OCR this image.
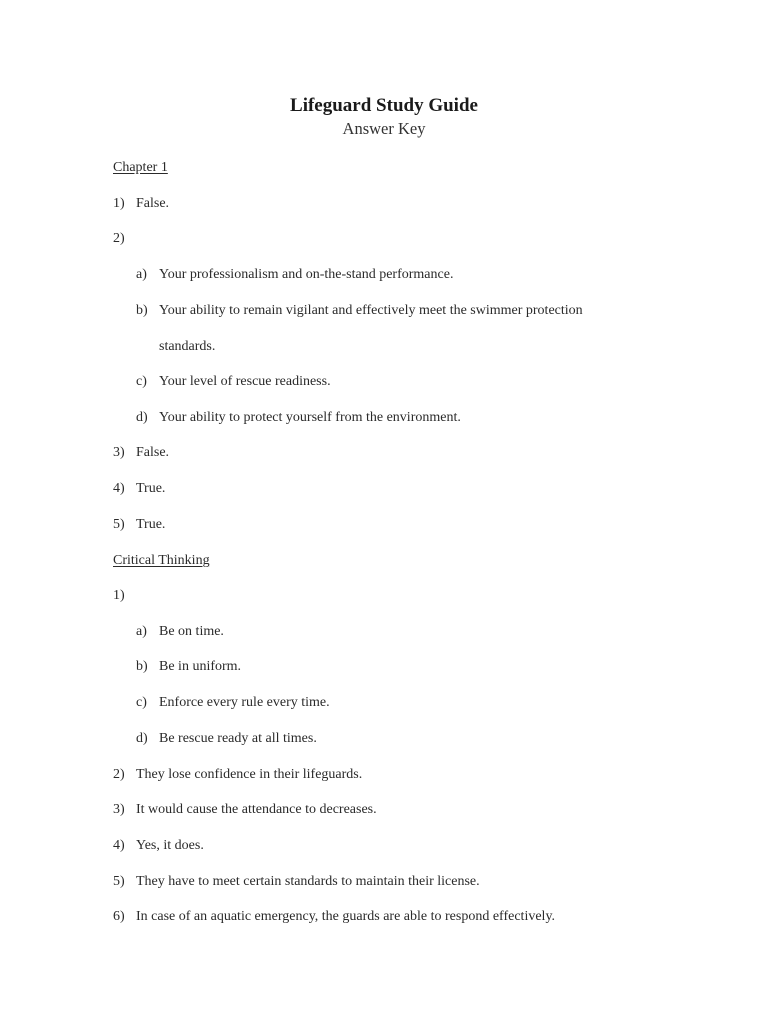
Lifeguard Study Guide
Answer Key
Chapter 1
1) False.
2)
a) Your professionalism and on-the-stand performance.
b) Your ability to remain vigilant and effectively meet the swimmer protection
standards.
c) Your level of rescue readiness.
d) Your ability to protect yourself from the environment.
3) False.
4) True.
5) True.
Critical Thinking
1)
a) Be on time.
b) Be in uniform.
c) Enforce every rule every time.
d) Be rescue ready at all times.
2) They lose confidence in their lifeguards.
3) It would cause the attendance to decreases.
4) Yes, it does.
5) They have to meet certain standards to maintain their license.
6) In case of an aquatic emergency, the guards are able to respond effectively.
